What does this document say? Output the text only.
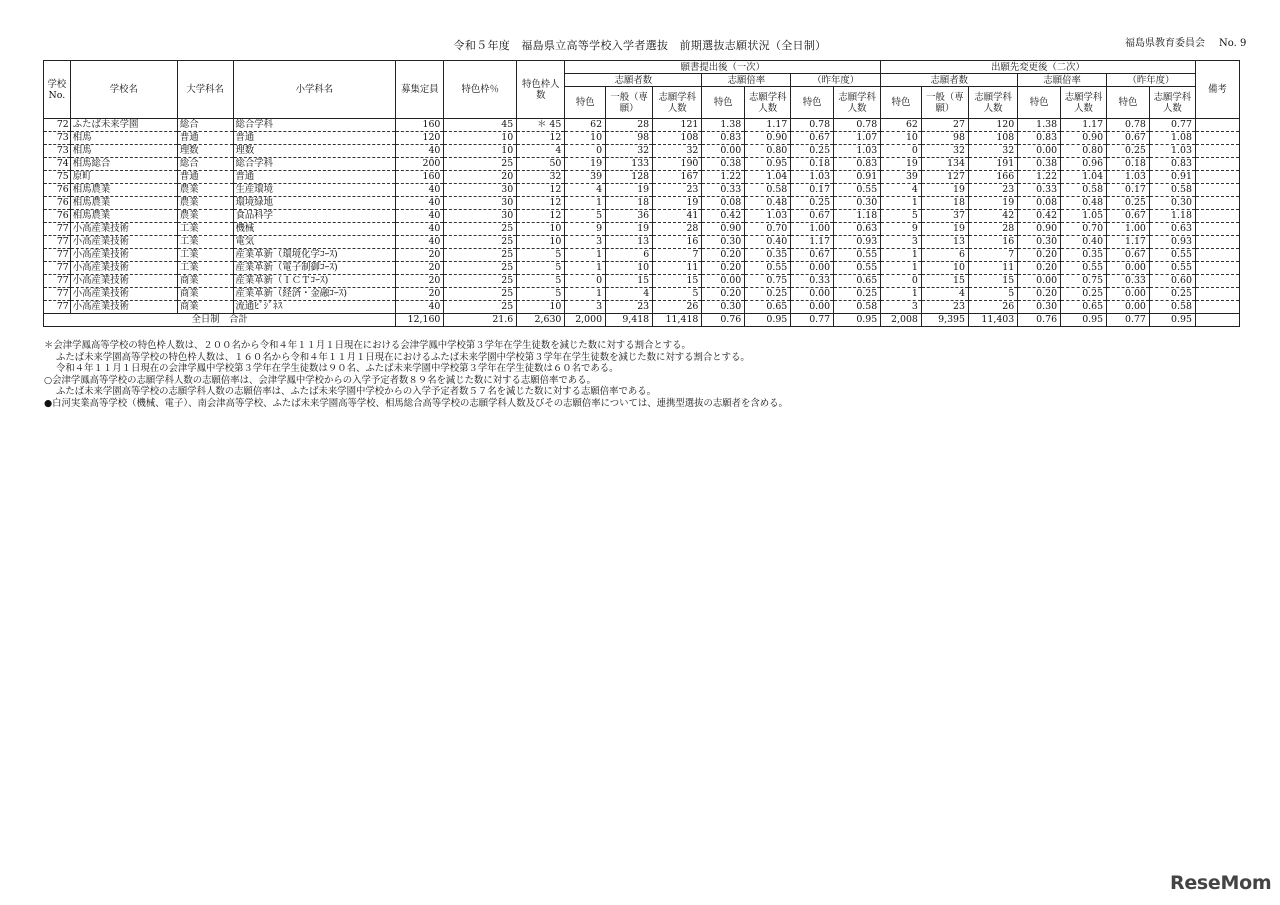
令和５年度　福島県立高等学校入学者選抜　前期選抜志願状況（全日制）	福島県教育委員会 No. 9
学校No.	学校名	大学科名	小学科名	募集定員	特色枠％	特色枠人数	願書提出後（一次）							出願先変更後（二次）							備考
							志願者数			志願倍率		（昨年度）		志願者数			志願倍率		（昨年度）		
							特色	一般（専願）	志願学科人数	特色	志願学科人数	特色	志願学科人数	特色	一般（専願）	志願学科人数	特色	志願学科人数	特色	志願学科人数	
72	ふたば未来学園	総合	総合学科	160	45	＊ 45	62	28	121	1.38	1.17	0.78	0.78	62	27	120	1.38	1.17	0.78	0.77	
73	相馬	普通	普通	120	10	12	10	98	108	0.83	0.90	0.67	1.07	10	98	108	0.83	0.90	0.67	1.08	
73	相馬	理数	理数	40	10	4	0	32	32	0.00	0.80	0.25	1.03	0	32	32	0.00	0.80	0.25	1.03	
74	相馬総合	総合	総合学科	200	25	50	19	133	190	0.38	0.95	0.18	0.83	19	134	191	0.38	0.96	0.18	0.83	
75	原町	普通	普通	160	20	32	39	128	167	1.22	1.04	1.03	0.91	39	127	166	1.22	1.04	1.03	0.91	
76	相馬農業	農業	生産環境	40	30	12	4	19	23	0.33	0.58	0.17	0.55	4	19	23	0.33	0.58	0.17	0.58	
76	相馬農業	農業	環境緑地	40	30	12	1	18	19	0.08	0.48	0.25	0.30	1	18	19	0.08	0.48	0.25	0.30	
76	相馬農業	農業	食品科学	40	30	12	5	36	41	0.42	1.03	0.67	1.18	5	37	42	0.42	1.05	0.67	1.18	
77	小高産業技術	工業	機械	40	25	10	9	19	28	0.90	0.70	1.00	0.63	9	19	28	0.90	0.70	1.00	0.63	
77	小高産業技術	工業	電気	40	25	10	3	13	16	0.30	0.40	1.17	0.93	3	13	16	0.30	0.40	1.17	0.93	
77	小高産業技術	工業	産業革新（環境化学ｺｰｽ)	20	25	5	1	6	7	0.20	0.35	0.67	0.55	1	6	7	0.20	0.35	0.67	0.55	
77	小高産業技術	工業	産業革新（電子制御ｺｰｽ)	20	25	5	1	10	11	0.20	0.55	0.00	0.55	1	10	11	0.20	0.55	0.00	0.55	
77	小高産業技術	商業	産業革新（ＩＣＴｺｰｽ)	20	25	5	0	15	15	0.00	0.75	0.33	0.65	0	15	15	0.00	0.75	0.33	0.60	
77	小高産業技術	商業	産業革新（経済・金融ｺｰｽ)	20	25	5	1	4	5	0.20	0.25	0.00	0.25	1	4	5	0.20	0.25	0.00	0.25	
77	小高産業技術	商業	流通ﾋﾞｼﾞﾈｽ	40	25	10	3	23	26	0.30	0.65	0.00	0.58	3	23	26	0.30	0.65	0.00	0.58	
全日制　合計				12,160	21.6	2,630	2,000	9,418	11,418	0.76	0.95	0.77	0.95	2,008	9,395	11,403	0.76	0.95	0.77	0.95	

＊会津学鳳高等学校の特色枠人数は、２００名から令和４年１１月１日現在における会津学鳳中学校第３学年在学生徒数を減じた数に対する割合とする。

ふたば未来学園高等学校の特色枠人数は、１６０名から令和４年１１月１日現在におけるふたば未来学園中学校第３学年在学生徒数を減じた数に対する割合とする。

令和４年１１月１日現在の会津学鳳中学校第３学年在学生徒数は９０名、ふたば未来学園中学校第３学年在学生徒数は６０名である。

○会津学鳳高等学校の志願学科人数の志願倍率は、会津学鳳中学校からの入学予定者数８９名を減じた数に対する志願倍率である。

ふたば未来学園高等学校の志願学科人数の志願倍率は、ふたば未来学園中学校からの入学予定者数５７名を減じた数に対する志願倍率である。

●白河実業高等学校（機械、電子）、南会津高等学校、ふたば未来学園高等学校、相馬総合高等学校の志願学科人数及びその志願倍率については、連携型選抜の志願者を含める。

ReseMom
